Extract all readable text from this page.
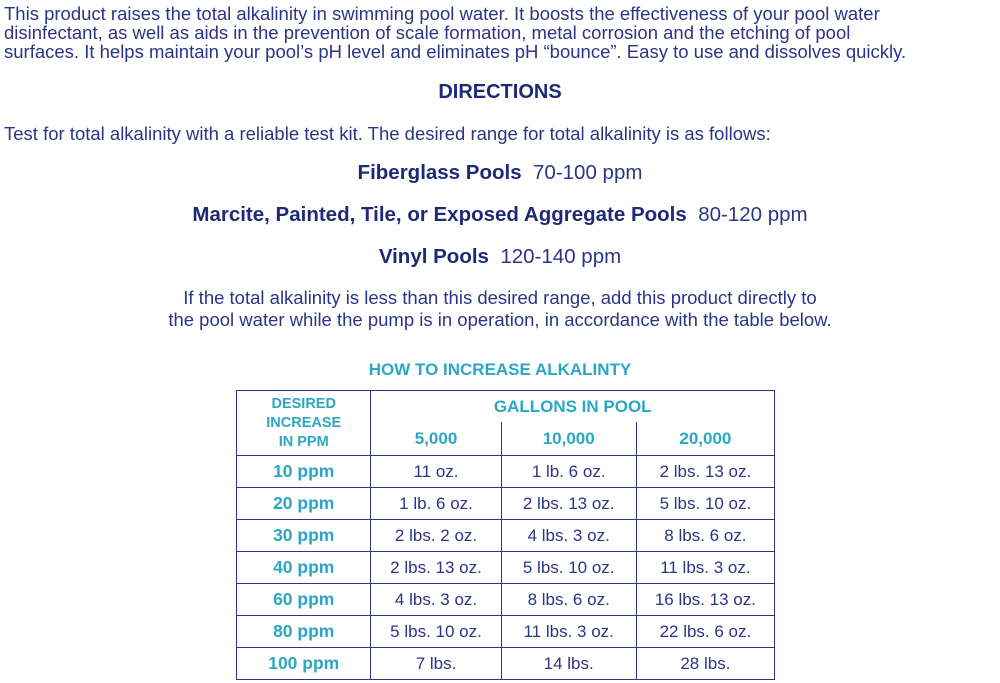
This product raises the total alkalinity in swimming pool water. It boosts the effectiveness of your pool water
disinfectant, as well as aids in the prevention of scale formation, metal corrosion and the etching of pool
surfaces. It helps maintain your pool’s pH level and eliminates pH “bounce”. Easy to use and dissolves quickly.

DIRECTIONS

Test for total alkalinity with a reliable test kit. The desired range for total alkalinity is as follows:

Fiberglass Pools 70-100 ppm

Marcite, Painted, Tile, or Exposed Aggregate Pools 80-120 ppm

Vinyl Pools 120-140 ppm

If the total alkalinity is less than this desired range, add this product directly to
the pool water while the pump is in operation, in accordance with the table below.

HOW TO INCREASE ALKALINTY
DESIRED
INCREASE
IN PPM	GALLONS IN POOL		
	5,000	10,000	20,000
10 ppm	11 oz.	1 lb. 6 oz.	2 lbs. 13 oz.
20 ppm	1 lb. 6 oz.	2 lbs. 13 oz.	5 lbs. 10 oz.
30 ppm	2 lbs. 2 oz.	4 lbs. 3 oz.	8 lbs. 6 oz.
40 ppm	2 lbs. 13 oz.	5 lbs. 10 oz.	11 lbs. 3 oz.
60 ppm	4 lbs. 3 oz.	8 lbs. 6 oz.	16 lbs. 13 oz.
80 ppm	5 lbs. 10 oz.	11 lbs. 3 oz.	22 lbs. 6 oz.
100 ppm	7 lbs.	14 lbs.	28 lbs.
